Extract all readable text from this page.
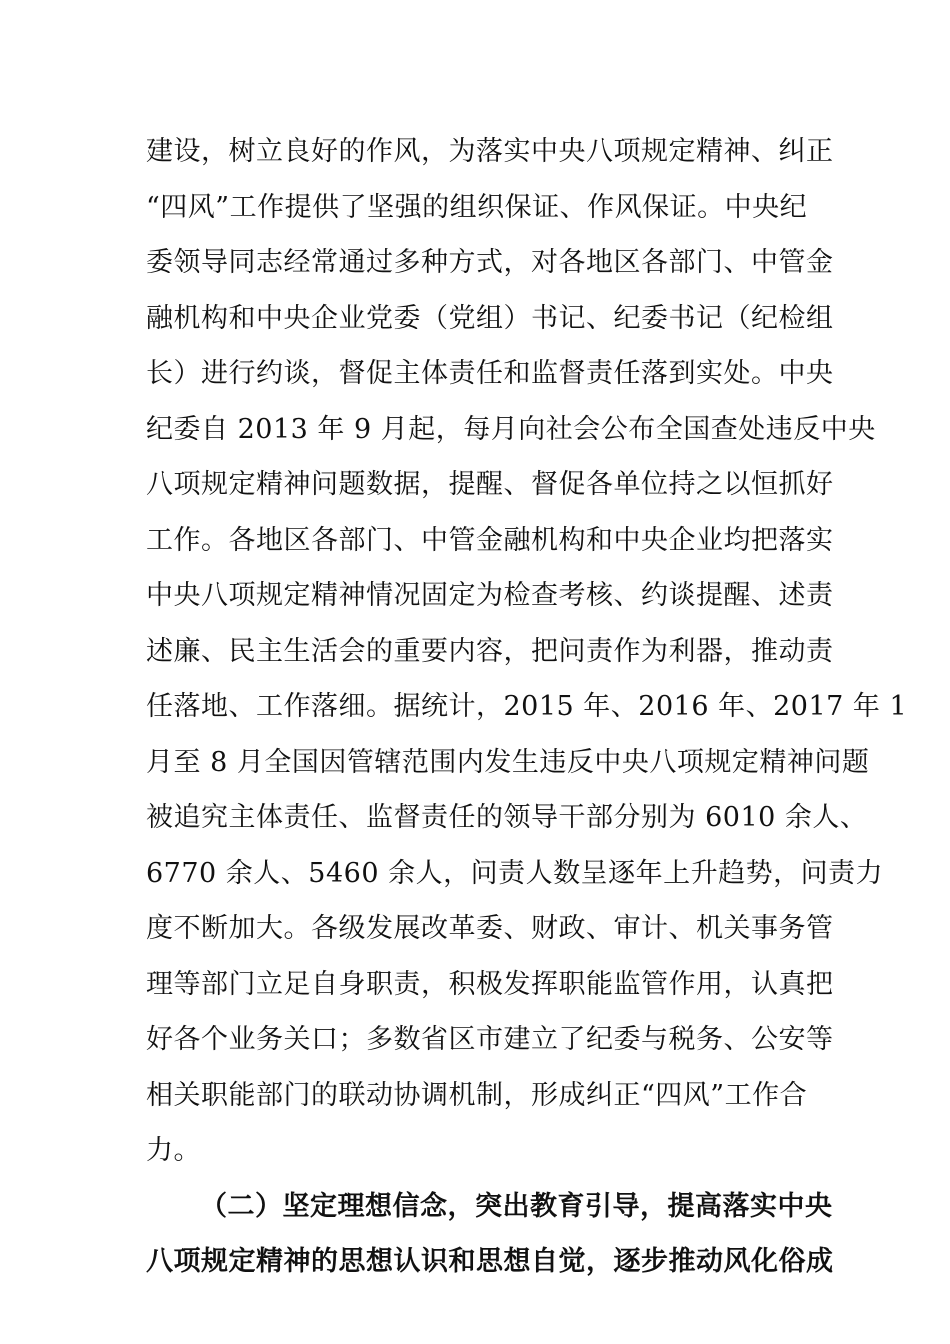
建设，树立良好的作风，为落实中央八项规定精神、纠正
“四风”工作提供了坚强的组织保证、作风保证。中央纪
委领导同志经常通过多种方式，对各地区各部门、中管金
融机构和中央企业党委（党组）书记、纪委书记（纪检组
长）进行约谈，督促主体责任和监督责任落到实处。中央
纪委自 2013 年 9 月起，每月向社会公布全国查处违反中央
八项规定精神问题数据，提醒、督促各单位持之以恒抓好
工作。各地区各部门、中管金融机构和中央企业均把落实
中央八项规定精神情况固定为检查考核、约谈提醒、述责
述廉、民主生活会的重要内容，把问责作为利器，推动责
任落地、工作落细。据统计，2015 年、2016 年、2017 年 1
月至 8 月全国因管辖范围内发生违反中央八项规定精神问题
被追究主体责任、监督责任的领导干部分别为 6010 余人、
6770 余人、5460 余人，问责人数呈逐年上升趋势，问责力
度不断加大。各级发展改革委、财政、审计、机关事务管
理等部门立足自身职责，积极发挥职能监管作用，认真把
好各个业务关口；多数省区市建立了纪委与税务、公安等
相关职能部门的联动协调机制，形成纠正“四风”工作合
力。
（二）坚定理想信念，突出教育引导，提高落实中央
八项规定精神的思想认识和思想自觉，逐步推动风化俗成
